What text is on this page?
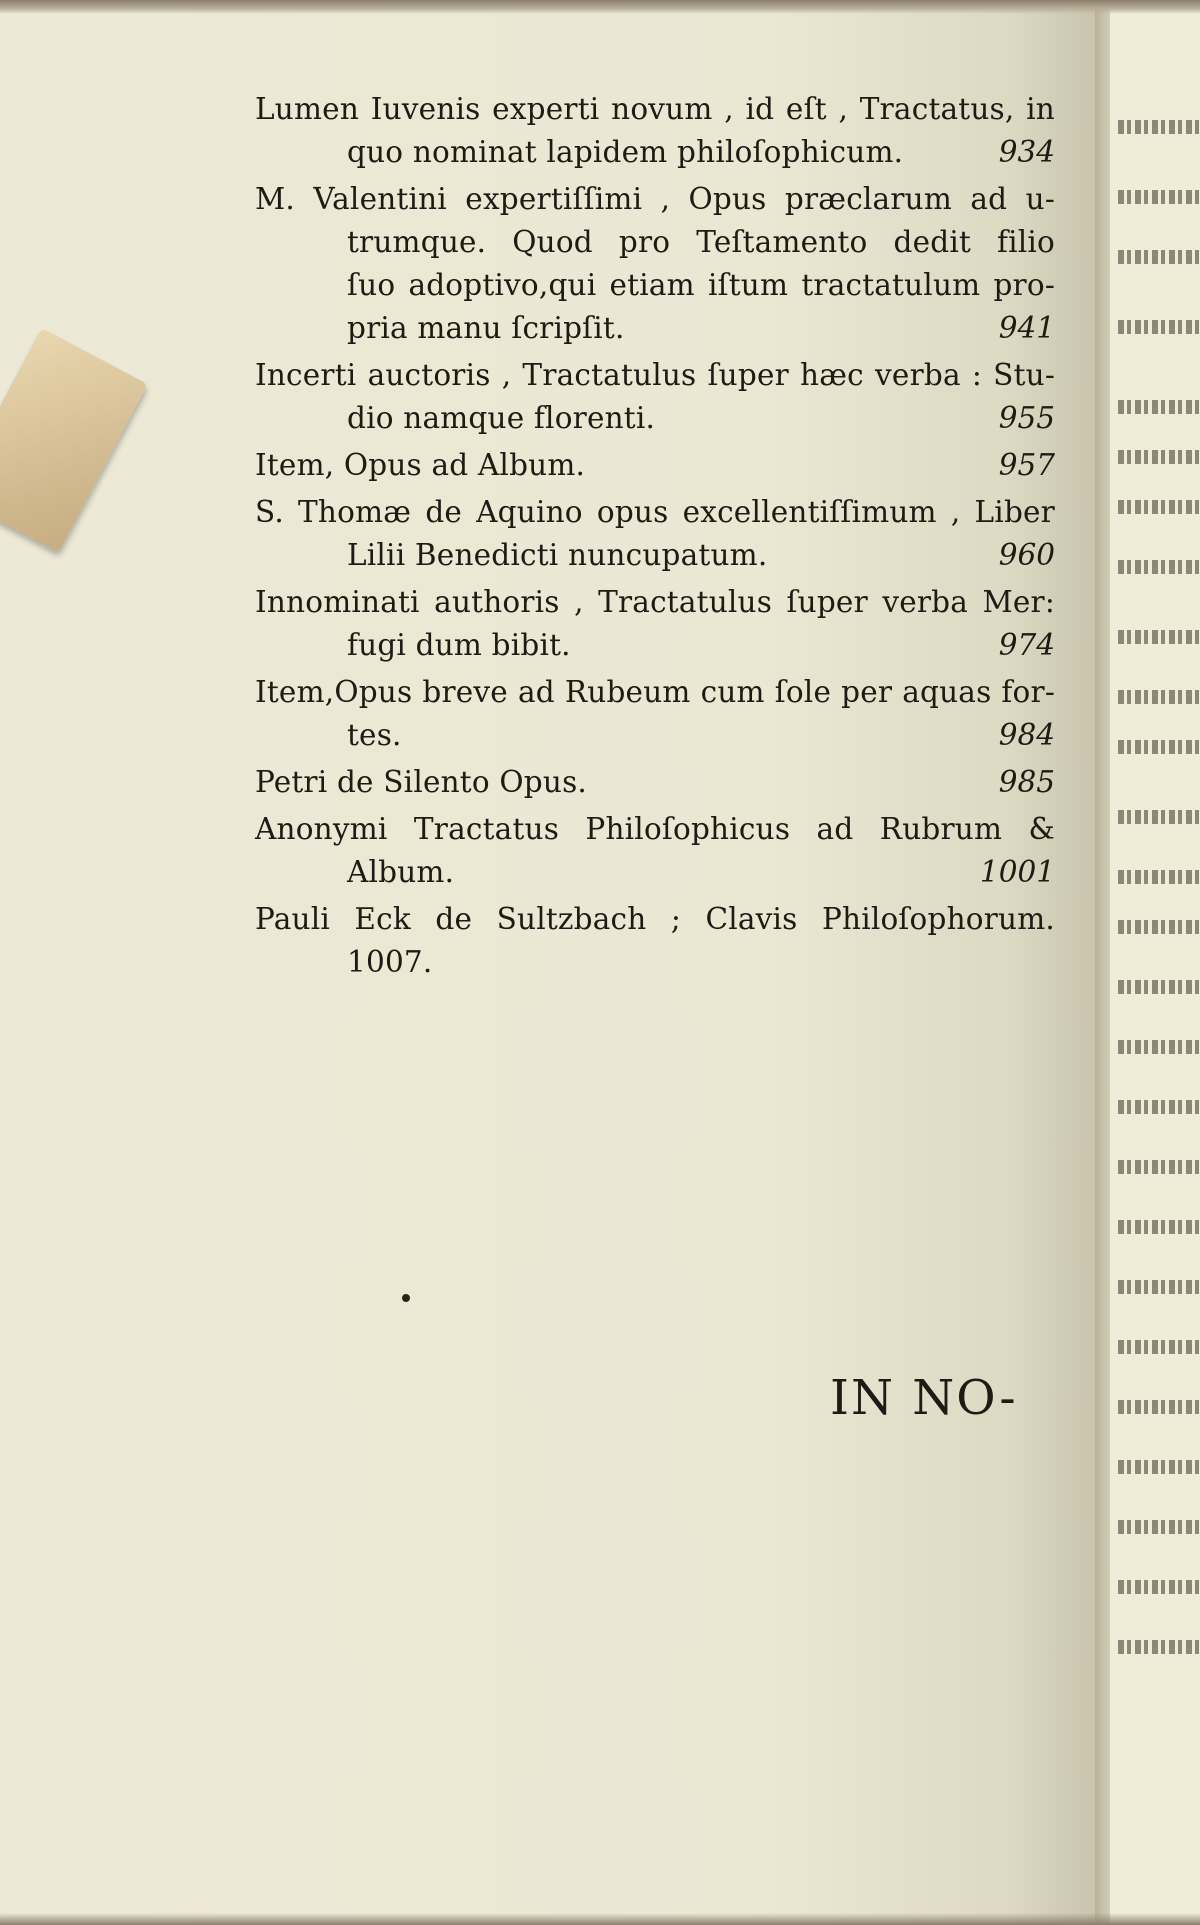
Lumen Iuvenis experti novum , id eſt , Tractatus, in
quo nominat lapidem philoſophicum.	934
M. Valentini expertiſſimi , Opus præclarum ad u-
trumque. Quod pro Teſtamento dedit filio
ſuo adoptivo,qui etiam iſtum tractatulum pro-
pria manu ſcripſit.	941
Incerti auctoris , Tractatulus ſuper hæc verba : Stu-
dio namque florenti.	955
Item, Opus ad Album.	957
S. Thomæ de Aquino opus excellentiſſimum , Liber
Lilii Benedicti nuncupatum.	960
Innominati authoris , Tractatulus ſuper verba Mer:
fugi dum bibit.	974
Item,Opus breve ad Rubeum cum ſole per aquas for-
tes.	984
Petri de Silento Opus.	985
Anonymi Tractatus Philoſophicus ad Rubrum &
Album.	1001
Pauli Eck de Sultzbach ; Clavis Philoſophorum.
1007.
IN NO-
